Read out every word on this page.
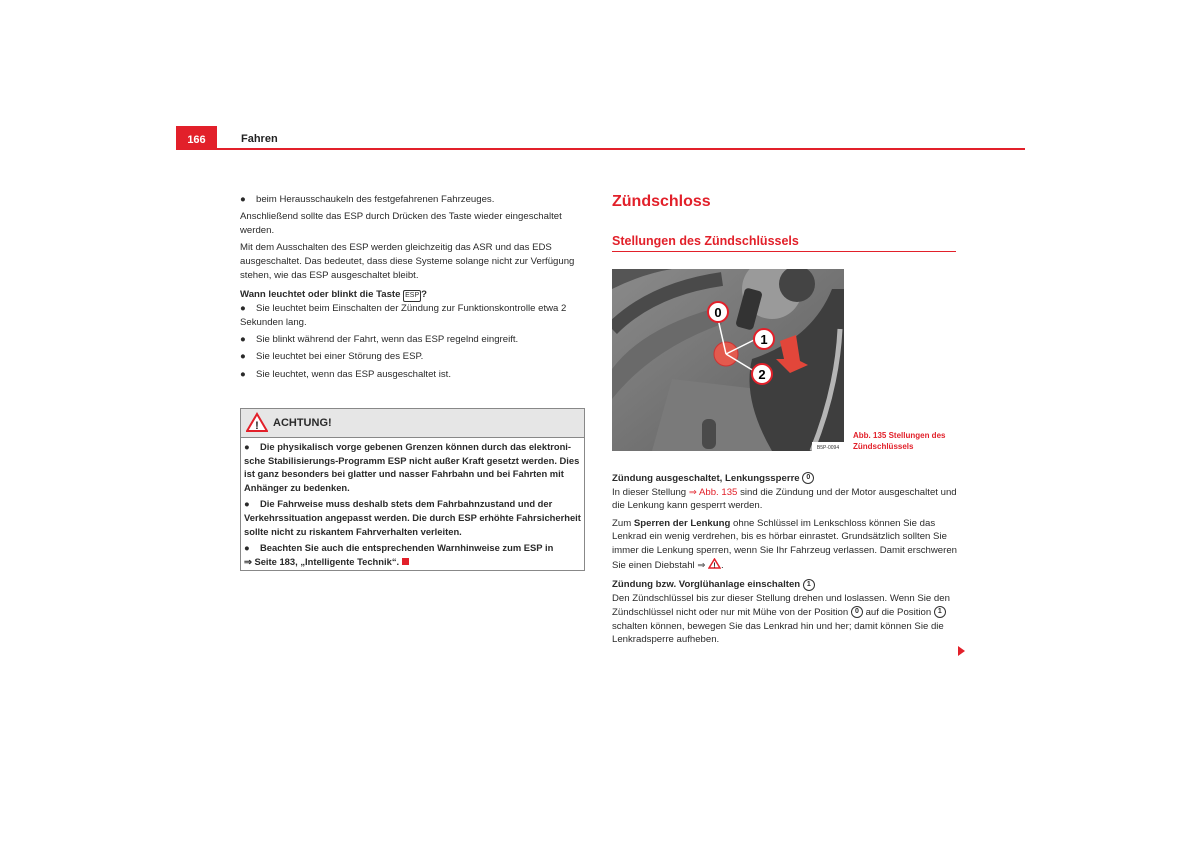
166	Fahren

● beim Herausschaukeln des festgefahrenen Fahrzeuges.

Anschließend sollte das ESP durch Drücken des Taste wieder eingeschaltet werden.

Mit dem Ausschalten des ESP werden gleichzeitig das ASR und das EDS ausgeschaltet. Das bedeutet, dass diese Systeme solange nicht zur Verfügung stehen, wie das ESP ausgeschaltet bleibt.

Wann leuchtet oder blinkt die Taste ESP ?

● Sie leuchtet beim Einschalten der Zündung zur Funktionskontrolle etwa 2 Sekunden lang.

● Sie blinkt während der Fahrt, wenn das ESP regelnd eingreift.

● Sie leuchtet bei einer Störung des ESP.

● Sie leuchtet, wenn das ESP ausgeschaltet ist.

! ACHTUNG!

● Die physikalisch vorge gebenen Grenzen können durch das elektronische Stabilisierungs-Programm ESP nicht außer Kraft gesetzt werden. Dies ist ganz besonders bei glatter und nasser Fahrbahn und bei Fahrten mit Anhänger zu bedenken.

● Die Fahrweise muss deshalb stets dem Fahrbahnzustand und der Verkehrssituation angepasst werden. Die durch ESP erhöhte Fahrsicherheit sollte nicht zu riskantem Fahrverhalten verleiten.

● Beachten Sie auch die entsprechenden Warnhinweise zum ESP in
⇒ Seite 183, „Intelligente Technik“.

Zündschloss
Stellungen des Zündschlüssels
0
1
2
B5P-0094
Abb. 135 Stellungen des Zündschlüssels

Zündung ausgeschaltet, Lenkungssperre 0

In dieser Stellung ⇒ Abb. 135 sind die Zündung und der Motor ausgeschaltet und die Lenkung kann gesperrt werden.

Zum Sperren der Lenkung ohne Schlüssel im Lenkschloss können Sie das Lenkrad ein wenig verdrehen, bis es hörbar einrastet. Grundsätzlich sollten Sie immer die Lenkung sperren, wenn Sie Ihr Fahrzeug verlassen. Damit erschweren Sie einen Diebstahl ⇒ ! .

Zündung bzw. Vorglühanlage einschalten 1

Den Zündschlüssel bis zur dieser Stellung drehen und loslassen. Wenn Sie den Zündschlüssel nicht oder nur mit Mühe von der Position 0 auf die Position 1 schalten können, bewegen Sie das Lenkrad hin und her; damit können Sie die Lenkradsperre aufheben.
